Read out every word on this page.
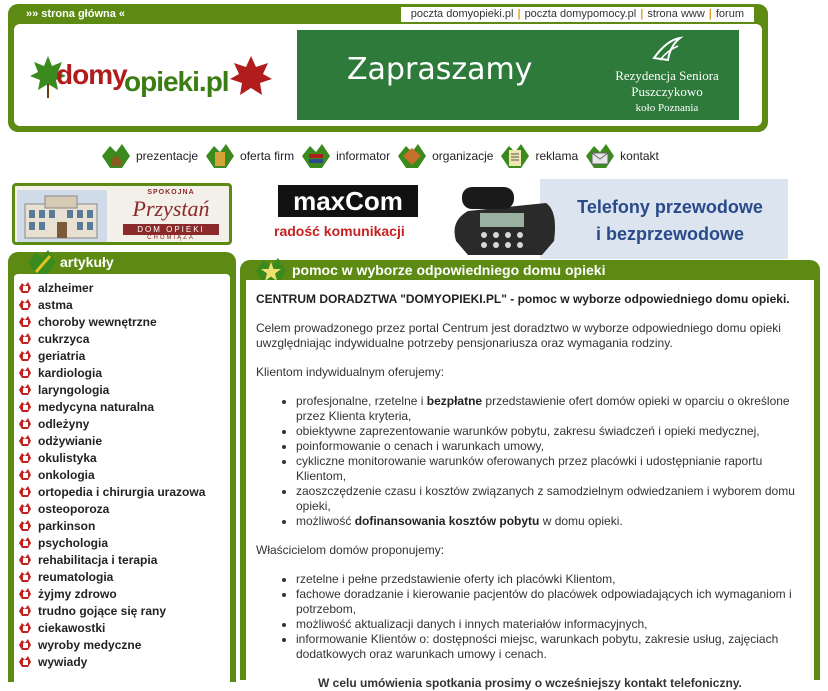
»» strona główna «	poczta domyopieki.pl | poczta domypomocy.pl | strona www | forum
domy
opieki.pl	Zapraszamy	Rezydencja Seniora
Puszczykowo
koło Poznania
prezentacje	oferta firm	informator	organizacje	reklama	kontakt
SPOKOJNA
Przystań
DOM OPIEKI
CHOMIĄŻA
maxCom
radość komunikacji
Telefony przewodowe
i bezprzewodowe
artykuły
alzheimer
astma
choroby wewnętrzne
cukrzyca
geriatria
kardiologia
laryngologia
medycyna naturalna
odleżyny
odżywianie
okulistyka
onkologia
ortopedia i chirurgia urazowa
osteoporoza
parkinson
psychologia
rehabilitacja i terapia
reumatologia
żyjmy zdrowo
trudno gojące się rany
ciekawostki
wyroby medyczne
wywiady
pomoc w wyborze odpowiedniego domu opieki

CENTRUM DORADZTWA "DOMYOPIEKI.PL" - pomoc w wyborze odpowiedniego domu opieki.

Celem prowadzonego przez portal Centrum jest doradztwo w wyborze odpowiedniego domu opieki uwzględniając indywidualne potrzeby pensjonariusza oraz wymagania rodziny.

Klientom indywidualnym oferujemy:

• profesjonalne, rzetelne i bezpłatne przedstawienie ofert domów opieki w oparciu o określone przez Klienta kryteria,
• obiektywne zaprezentowanie warunków pobytu, zakresu świadczeń i opieki medycznej,
• poinformowanie o cenach i warunkach umowy,
• cykliczne monitorowanie warunków oferowanych przez placówki i udostępnianie raportu Klientom,
• zaoszczędzenie czasu i kosztów związanych z samodzielnym odwiedzaniem i wyborem domu opieki,
• możliwość dofinansowania kosztów pobytu w domu opieki.

Właścicielom domów proponujemy:

• rzetelne i pełne przedstawienie oferty ich placówki Klientom,
• fachowe doradzanie i kierowanie pacjentów do placówek odpowiadających ich wymaganiom i potrzebom,
• możliwość aktualizacji danych i innych materiałów informacyjnych,
• informowanie Klientów o: dostępności miejsc, warunkach pobytu, zakresie usług, zajęciach dodatkowych oraz warunkach umowy i cenach.

W celu umówienia spotkania prosimy o wcześniejszy kontakt telefoniczny.
